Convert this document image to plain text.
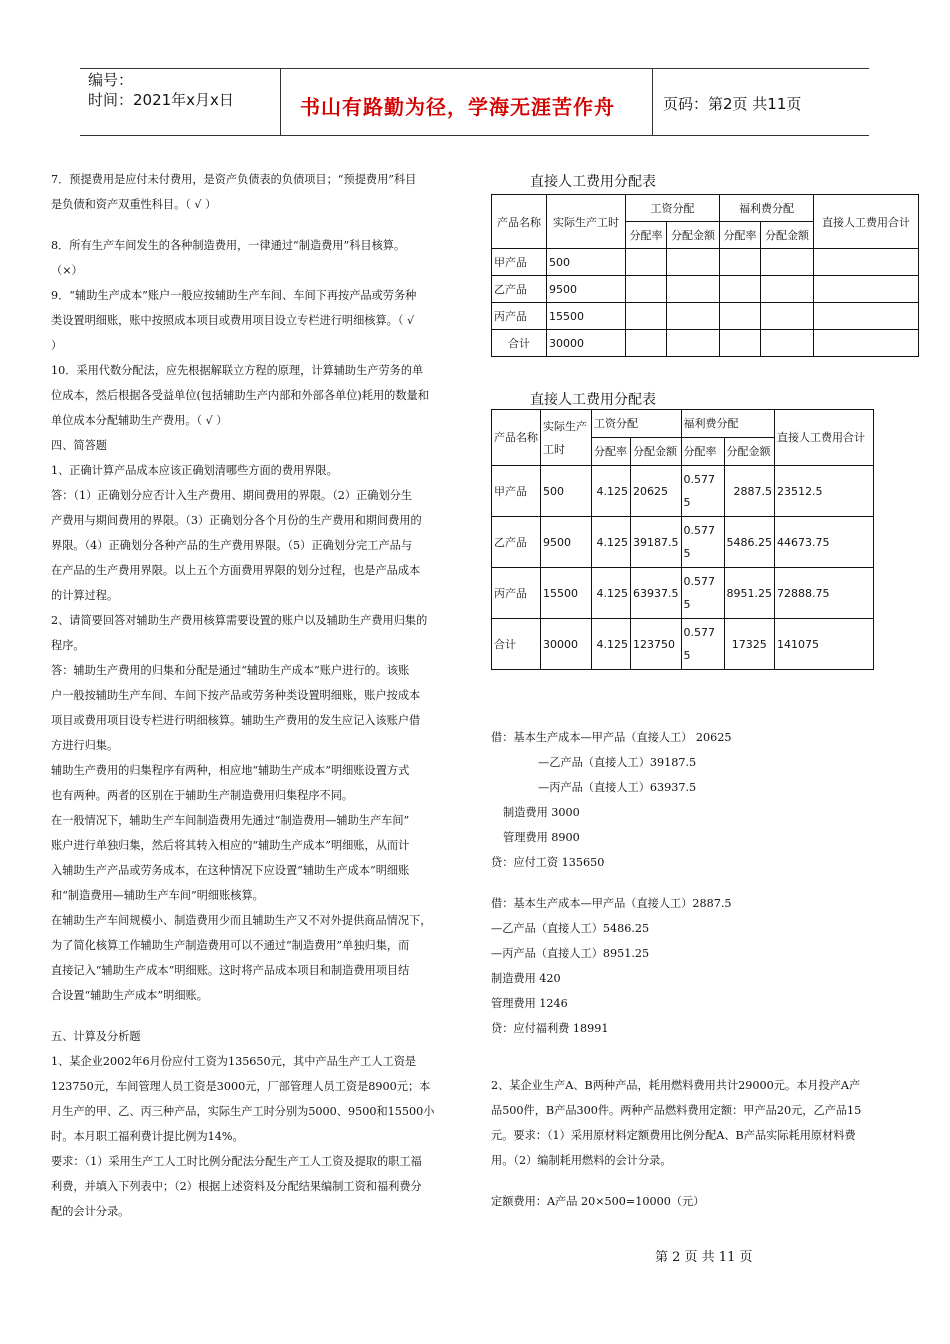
编号：
时间：2021年x月x日	书山有路勤为径，学海无涯苦作舟	页码：第2页 共11页

7．预提费用是应付未付费用，是资产负债表的负债项目；“预提费用”科目

是负债和资产双重性科目。（ √ ）

8．所有生产车间发生的各种制造费用，一律通过“制造费用”科目核算。

（×）

9．“辅助生产成本”账户一般应按辅助生产车间、车间下再按产品或劳务种

类设置明细账，账中按照成本项目或费用项目设立专栏进行明细核算。（ √

）

10．采用代数分配法，应先根据解联立方程的原理，计算辅助生产劳务的单

位成本，然后根据各受益单位(包括辅助生产内部和外部各单位)耗用的数量和

单位成本分配辅助生产费用。（ √ ）

四、简答题

1、正确计算产品成本应该正确划清哪些方面的费用界限。

答：（1）正确划分应否计入生产费用、期间费用的界限。（2）正确划分生

产费用与期间费用的界限。（3）正确划分各个月份的生产费用和期间费用的

界限。（4）正确划分各种产品的生产费用界限。（5）正确划分完工产品与

在产品的生产费用界限。以上五个方面费用界限的划分过程，也是产品成本

的计算过程。

2、请简要回答对辅助生产费用核算需要设置的账户以及辅助生产费用归集的

程序。

答：辅助生产费用的归集和分配是通过“辅助生产成本”账户进行的。该账

户一般按辅助生产车间、车间下按产品或劳务种类设置明细账，账户按成本

项目或费用项目设专栏进行明细核算。辅助生产费用的发生应记入该账户借

方进行归集。

辅助生产费用的归集程序有两种，相应地“辅助生产成本”明细账设置方式

也有两种。两者的区别在于辅助生产制造费用归集程序不同。

在一般情况下，辅助生产车间制造费用先通过“制造费用—辅助生产车间”

账户进行单独归集，然后将其转入相应的“辅助生产成本”明细账，从而计

入辅助生产产品或劳务成本，在这种情况下应设置“辅助生产成本”明细账

和“制造费用—辅助生产车间”明细账核算。

在辅助生产车间规模小、制造费用少而且辅助生产又不对外提供商品情况下，

为了简化核算工作辅助生产制造费用可以不通过“制造费用”单独归集，而

直接记入“辅助生产成本”明细账。这时将产品成本项目和制造费用项目结

合设置“辅助生产成本”明细账。

五、计算及分析题

1、某企业2002年6月份应付工资为135650元，其中产品生产工人工资是

123750元，车间管理人员工资是3000元，厂部管理人员工资是8900元；本

月生产的甲、乙、丙三种产品，实际生产工时分别为5000、9500和15500小

时。本月职工福利费计提比例为14%。

要求：（1）采用生产工人工时比例分配法分配生产工人工资及提取的职工福

利费，并填入下列表中；（2）根据上述资料及分配结果编制工资和福利费分

配的会计分录。

直接人工费用分配表
产品名称	实际生产工时	工资分配		福利费分配		直接人工费用合计
		分配率	分配金额	分配率	分配金额	
甲产品	500					
乙产品	9500					
丙产品	15500					
合计	30000					
直接人工费用分配表
产品名称	实际生产工时	工资分配		福利费分配		直接人工费用合计
		分配率	分配金额	分配率	分配金额	
甲产品	500	4.125	20625	0.5775	2887.5	23512.5
乙产品	9500	4.125	39187.5	0.5775	5486.25	44673.75
丙产品	15500	4.125	63937.5	0.5775	8951.25	72888.75
合计	30000	4.125	123750	0.5775	17325	141075

借：基本生产成本—甲产品（直接人工） 20625

—乙产品（直接人工）39187.5

—丙产品（直接人工）63937.5

制造费用 3000

管理费用 8900

贷：应付工资 135650

借：基本生产成本—甲产品（直接人工）2887.5

—乙产品（直接人工）5486.25

—丙产品（直接人工）8951.25

制造费用 420

管理费用 1246

贷：应付福利费 18991

2、某企业生产A、B两种产品，耗用燃料费用共计29000元。本月投产A产

品500件，B产品300件。两种产品燃料费用定额：甲产品20元，乙产品15

元。要求：（1）采用原材料定额费用比例分配A、B产品实际耗用原材料费

用。（2）编制耗用燃料的会计分录。

定额费用：A产品 20×500=10000（元）

第 2 页 共 11 页
